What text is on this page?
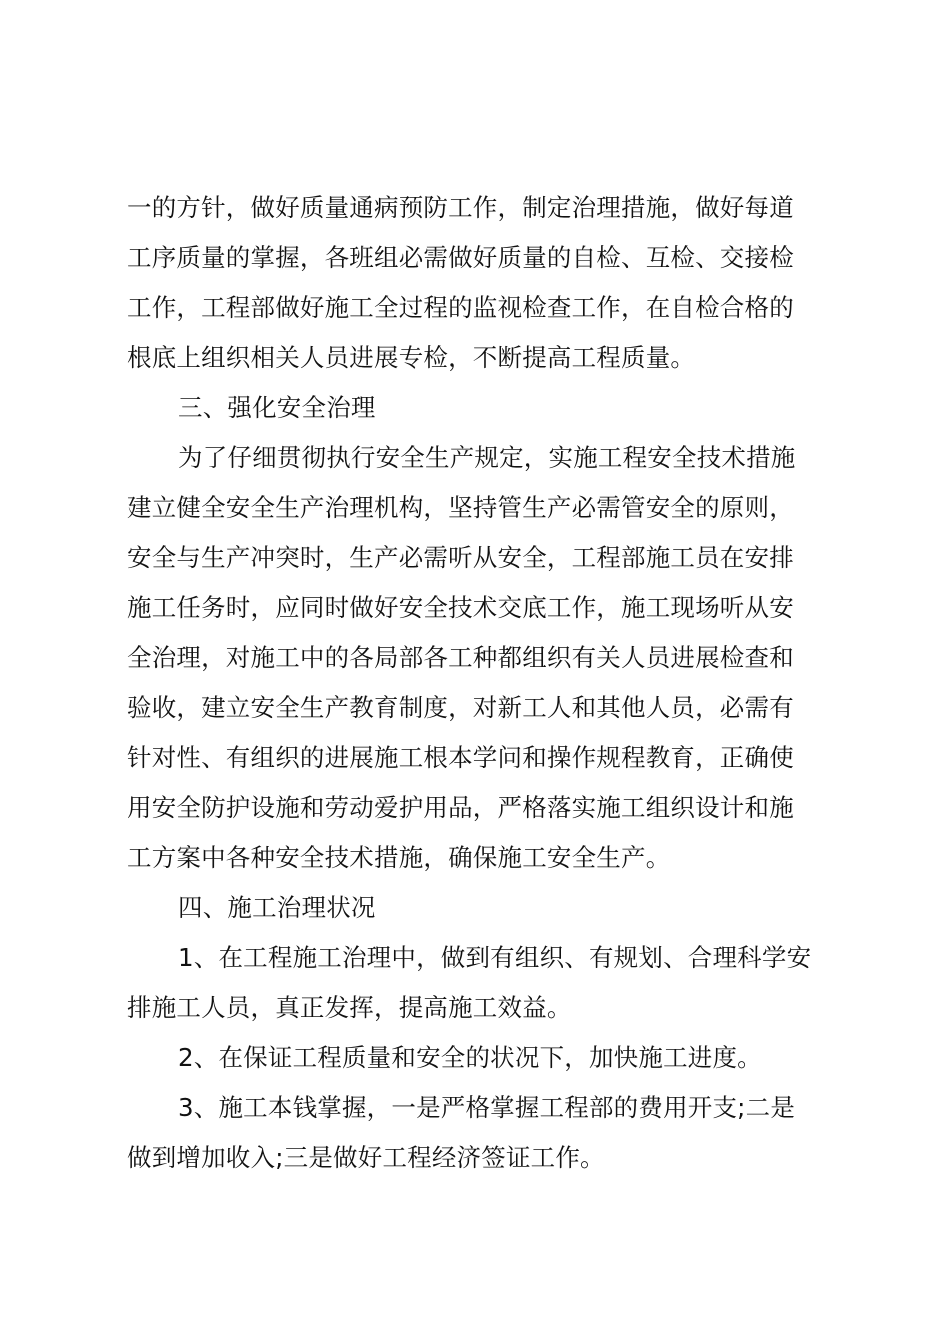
一的方针，做好质量通病预防工作，制定治理措施，做好每道
工序质量的掌握，各班组必需做好质量的自检、互检、交接检
工作，工程部做好施工全过程的监视检查工作，在自检合格的
根底上组织相关人员进展专检，不断提高工程质量。
三、强化安全治理
为了仔细贯彻执行安全生产规定，实施工程安全技术措施
建立健全安全生产治理机构，坚持管生产必需管安全的原则，
安全与生产冲突时，生产必需听从安全，工程部施工员在安排
施工任务时，应同时做好安全技术交底工作，施工现场听从安
全治理，对施工中的各局部各工种都组织有关人员进展检查和
验收，建立安全生产教育制度，对新工人和其他人员，必需有
针对性、有组织的进展施工根本学问和操作规程教育，正确使
用安全防护设施和劳动爱护用品，严格落实施工组织设计和施
工方案中各种安全技术措施，确保施工安全生产。
四、施工治理状况
1、在工程施工治理中，做到有组织、有规划、合理科学安
排施工人员，真正发挥，提高施工效益。
2、在保证工程质量和安全的状况下，加快施工进度。
3、施工本钱掌握，一是严格掌握工程部的费用开支;二是
做到增加收入;三是做好工程经济签证工作。
